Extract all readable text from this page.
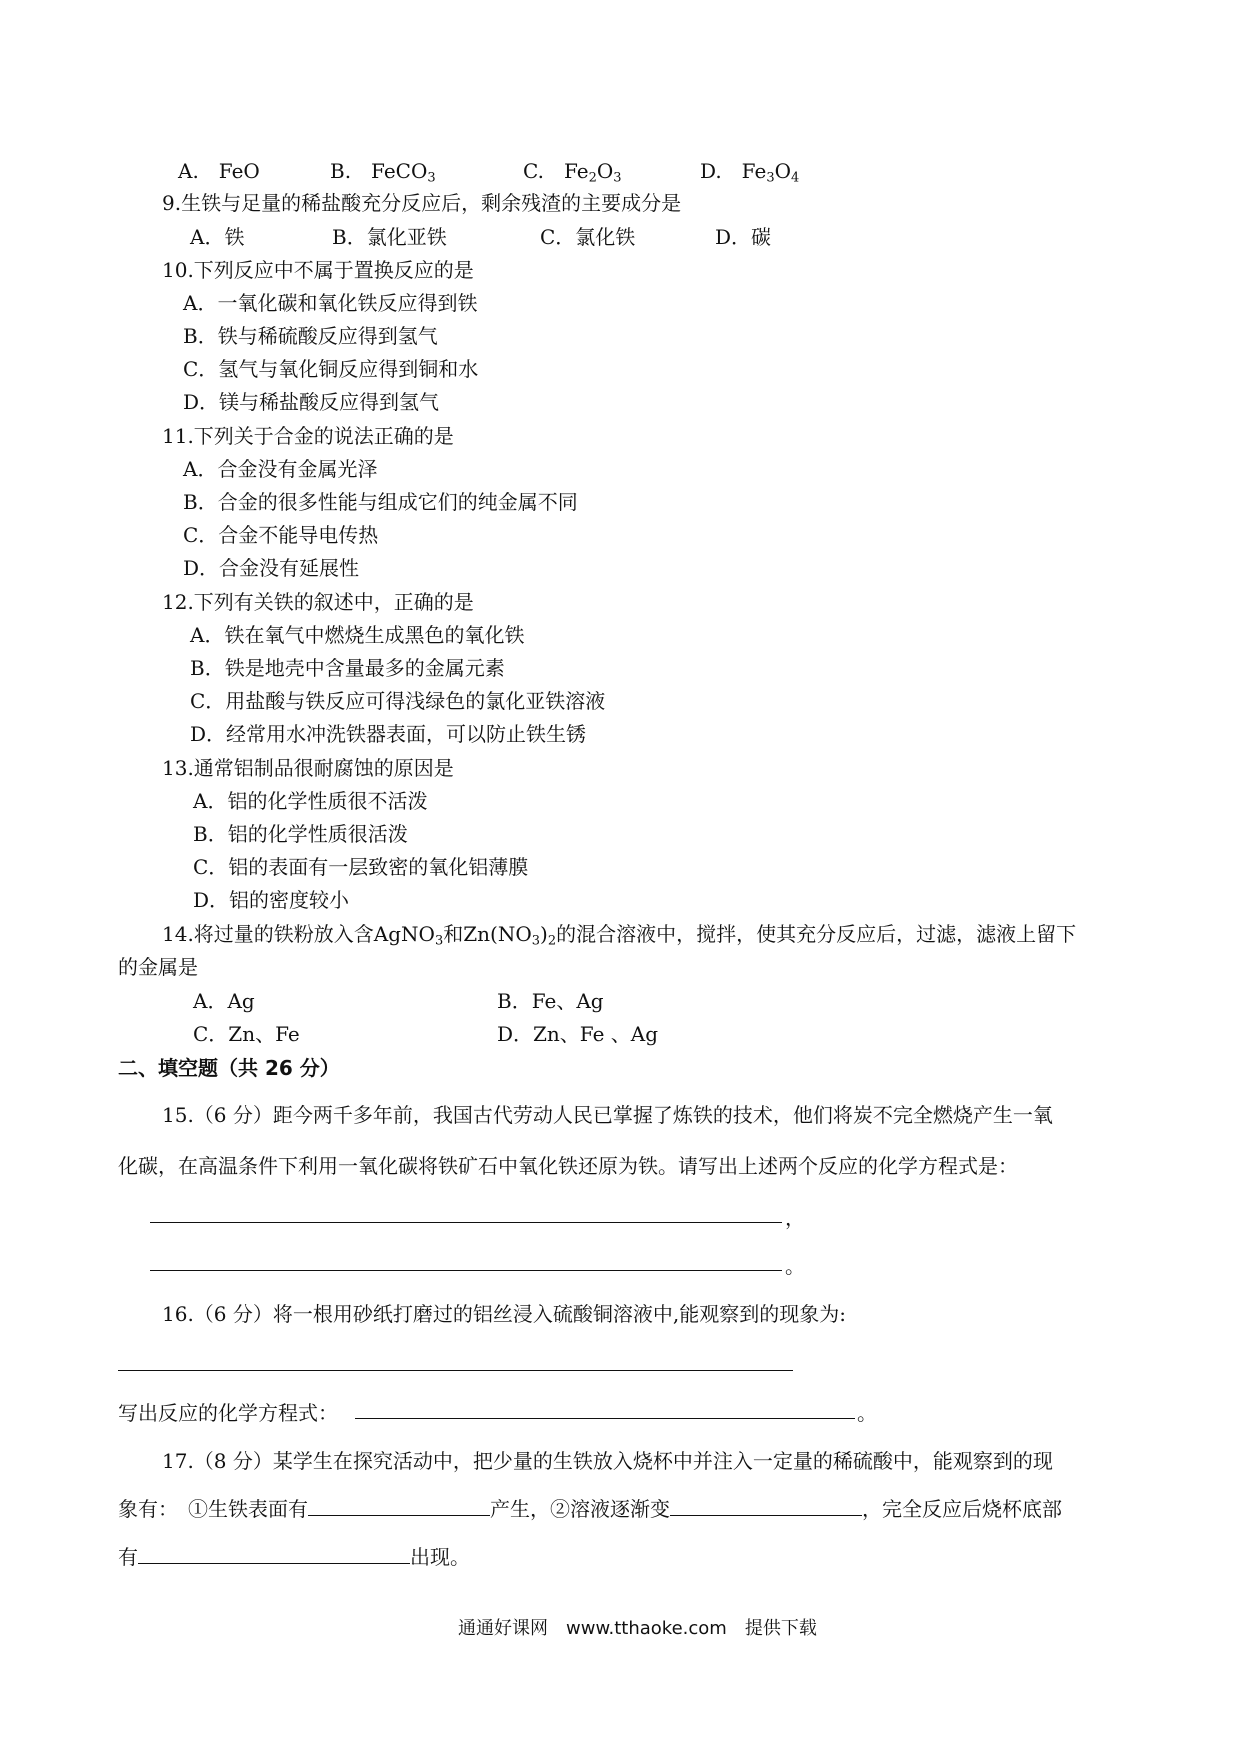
A.　FeO	B.　FeCO$_3$	C.　$Fe_2O_3$	D.　$Fe_3O_4$
9.生铁与足量的稀盐酸充分反应后，剩余残渣的主要成分是
A．铁	B．氯化亚铁	C．氯化铁	D．碳
10.下列反应中不属于置换反应的是
A．一氧化碳和氧化铁反应得到铁
B．铁与稀硫酸反应得到氢气
C．氢气与氧化铜反应得到铜和水
D．镁与稀盐酸反应得到氢气
11.下列关于合金的说法正确的是
A．合金没有金属光泽
B．合金的很多性能与组成它们的纯金属不同
C．合金不能导电传热
D．合金没有延展性
12.下列有关铁的叙述中，正确的是
A．铁在氧气中燃烧生成黑色的氧化铁
B．铁是地壳中含量最多的金属元素
C．用盐酸与铁反应可得浅绿色的氯化亚铁溶液
D．经常用水冲洗铁器表面，可以防止铁生锈
13.通常铝制品很耐腐蚀的原因是
A．铝的化学性质很不活泼
B．铝的化学性质很活泼
C．铝的表面有一层致密的氧化铝薄膜
D．铝的密度较小
14.将过量的铁粉放入含AgNO$_3$和$Zn(NO_3)_2$的混合溶液中，搅拌，使其充分反应后，过滤，滤液上留下
的金属是
A．Ag	B．Fe、Ag
C．Zn、Fe	D．Zn、Fe 、Ag
二、填空题（共 26 分）
15.（6 分）距今两千多年前，我国古代劳动人民已掌握了炼铁的技术，他们将炭不完全燃烧产生一氧
化碳，在高温条件下利用一氧化碳将铁矿石中氧化铁还原为铁。请写出上述两个反应的化学方程式是：
，
。
16.（6 分）将一根用砂纸打磨过的铝丝浸入硫酸铜溶液中,能观察到的现象为:
写出反应的化学方程式：	。
17.（8 分）某学生在探究活动中，把少量的生铁放入烧杯中并注入一定量的稀硫酸中，能观察到的现
象有：　①生铁表面有	产生，②溶液逐渐变	，完全反应后烧杯底部
有	出现。
通通好课网　www.tthaoke.com　提供下载
